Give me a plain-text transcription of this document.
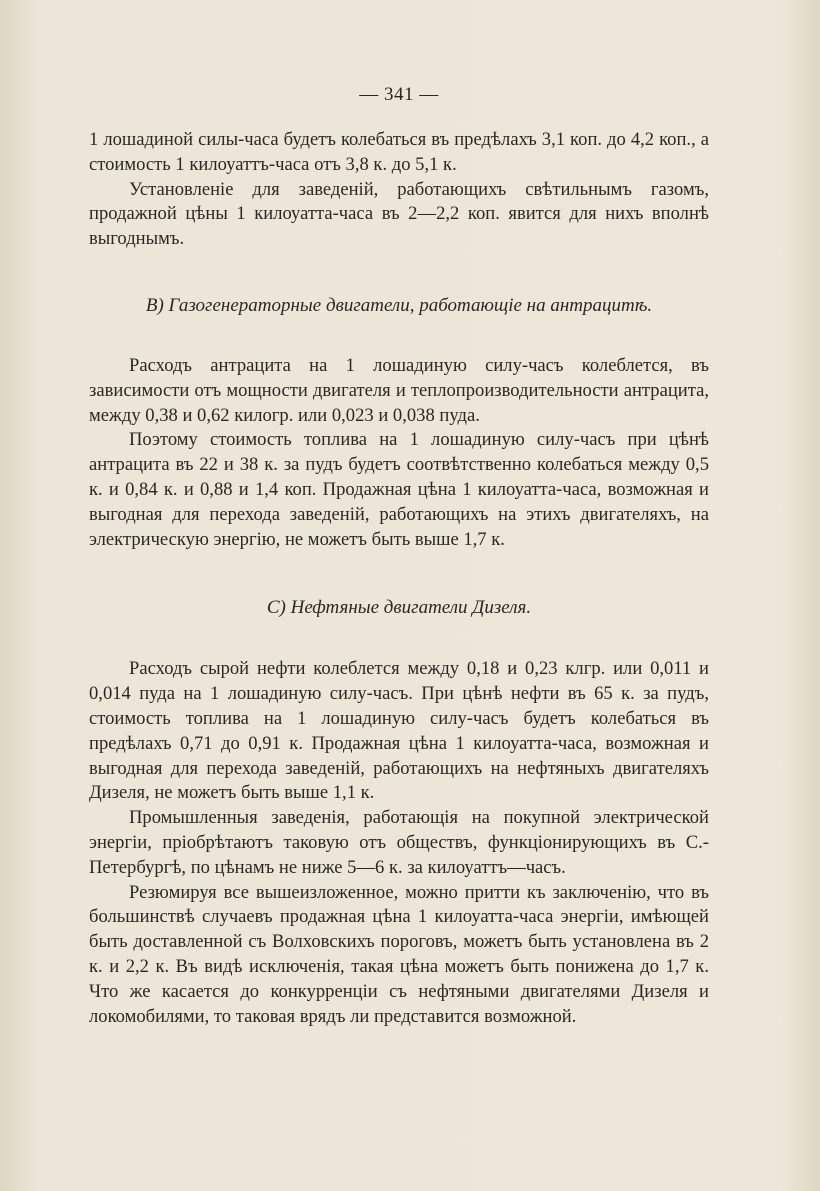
— 341 —

1 лошадиной силы-часа будетъ колебаться въ предѣлахъ 3,1 коп. до 4,2 коп., а стоимость 1 килоуаттъ-часа отъ 3,8 к. до 5,1 к.

Установленіе для заведеній, работающихъ свѣтильнымъ газомъ, продажной цѣны 1 килоуатта-часа въ 2—2,2 коп. явится для нихъ вполнѣ выгоднымъ.

B) Газогенераторные двигатели, работающіе на антрацитѣ.

Расходъ антрацита на 1 лошадиную силу-часъ колеблется, въ зависимости отъ мощности двигателя и теплопроизводительности антрацита, между 0,38 и 0,62 килогр. или 0,023 и 0,038 пуда.

Поэтому стоимость топлива на 1 лошадиную силу-часъ при цѣнѣ антрацита въ 22 и 38 к. за пудъ будетъ соотвѣтственно колебаться между 0,5 к. и 0,84 к. и 0,88 и 1,4 коп. Продажная цѣна 1 килоуатта-часа, возможная и выгодная для перехода заведеній, работающихъ на этихъ двигателяхъ, на электрическую энергію, не можетъ быть выше 1,7 к.

C) Нефтяные двигатели Дизеля.

Расходъ сырой нефти колеблется между 0,18 и 0,23 клгр. или 0,011 и 0,014 пуда на 1 лошадиную силу-часъ. При цѣнѣ нефти въ 65 к. за пудъ, стоимость топлива на 1 лошадиную силу-часъ будетъ колебаться въ предѣлахъ 0,71 до 0,91 к. Продажная цѣна 1 килоуатта-часа, возможная и выгодная для перехода заведеній, работающихъ на нефтяныхъ двигателяхъ Дизеля, не можетъ быть выше 1,1 к.

Промышленныя заведенія, работающія на покупной электрической энергіи, пріобрѣтаютъ таковую отъ обществъ, функціонирующихъ въ С.-Петербургѣ, по цѣнамъ не ниже 5—6 к. за килоуаттъ—часъ.

Резюмируя все вышеизложенное, можно притти къ заключенію, что въ большинствѣ случаевъ продажная цѣна 1 килоуатта-часа энергіи, имѣющей быть доставленной съ Волховскихъ пороговъ, можетъ быть установлена въ 2 к. и 2,2 к. Въ видѣ исключенія, такая цѣна можетъ быть понижена до 1,7 к. Что же касается до конкурренціи съ нефтяными двигателями Дизеля и локомобилями, то таковая врядъ ли представится возможной.
